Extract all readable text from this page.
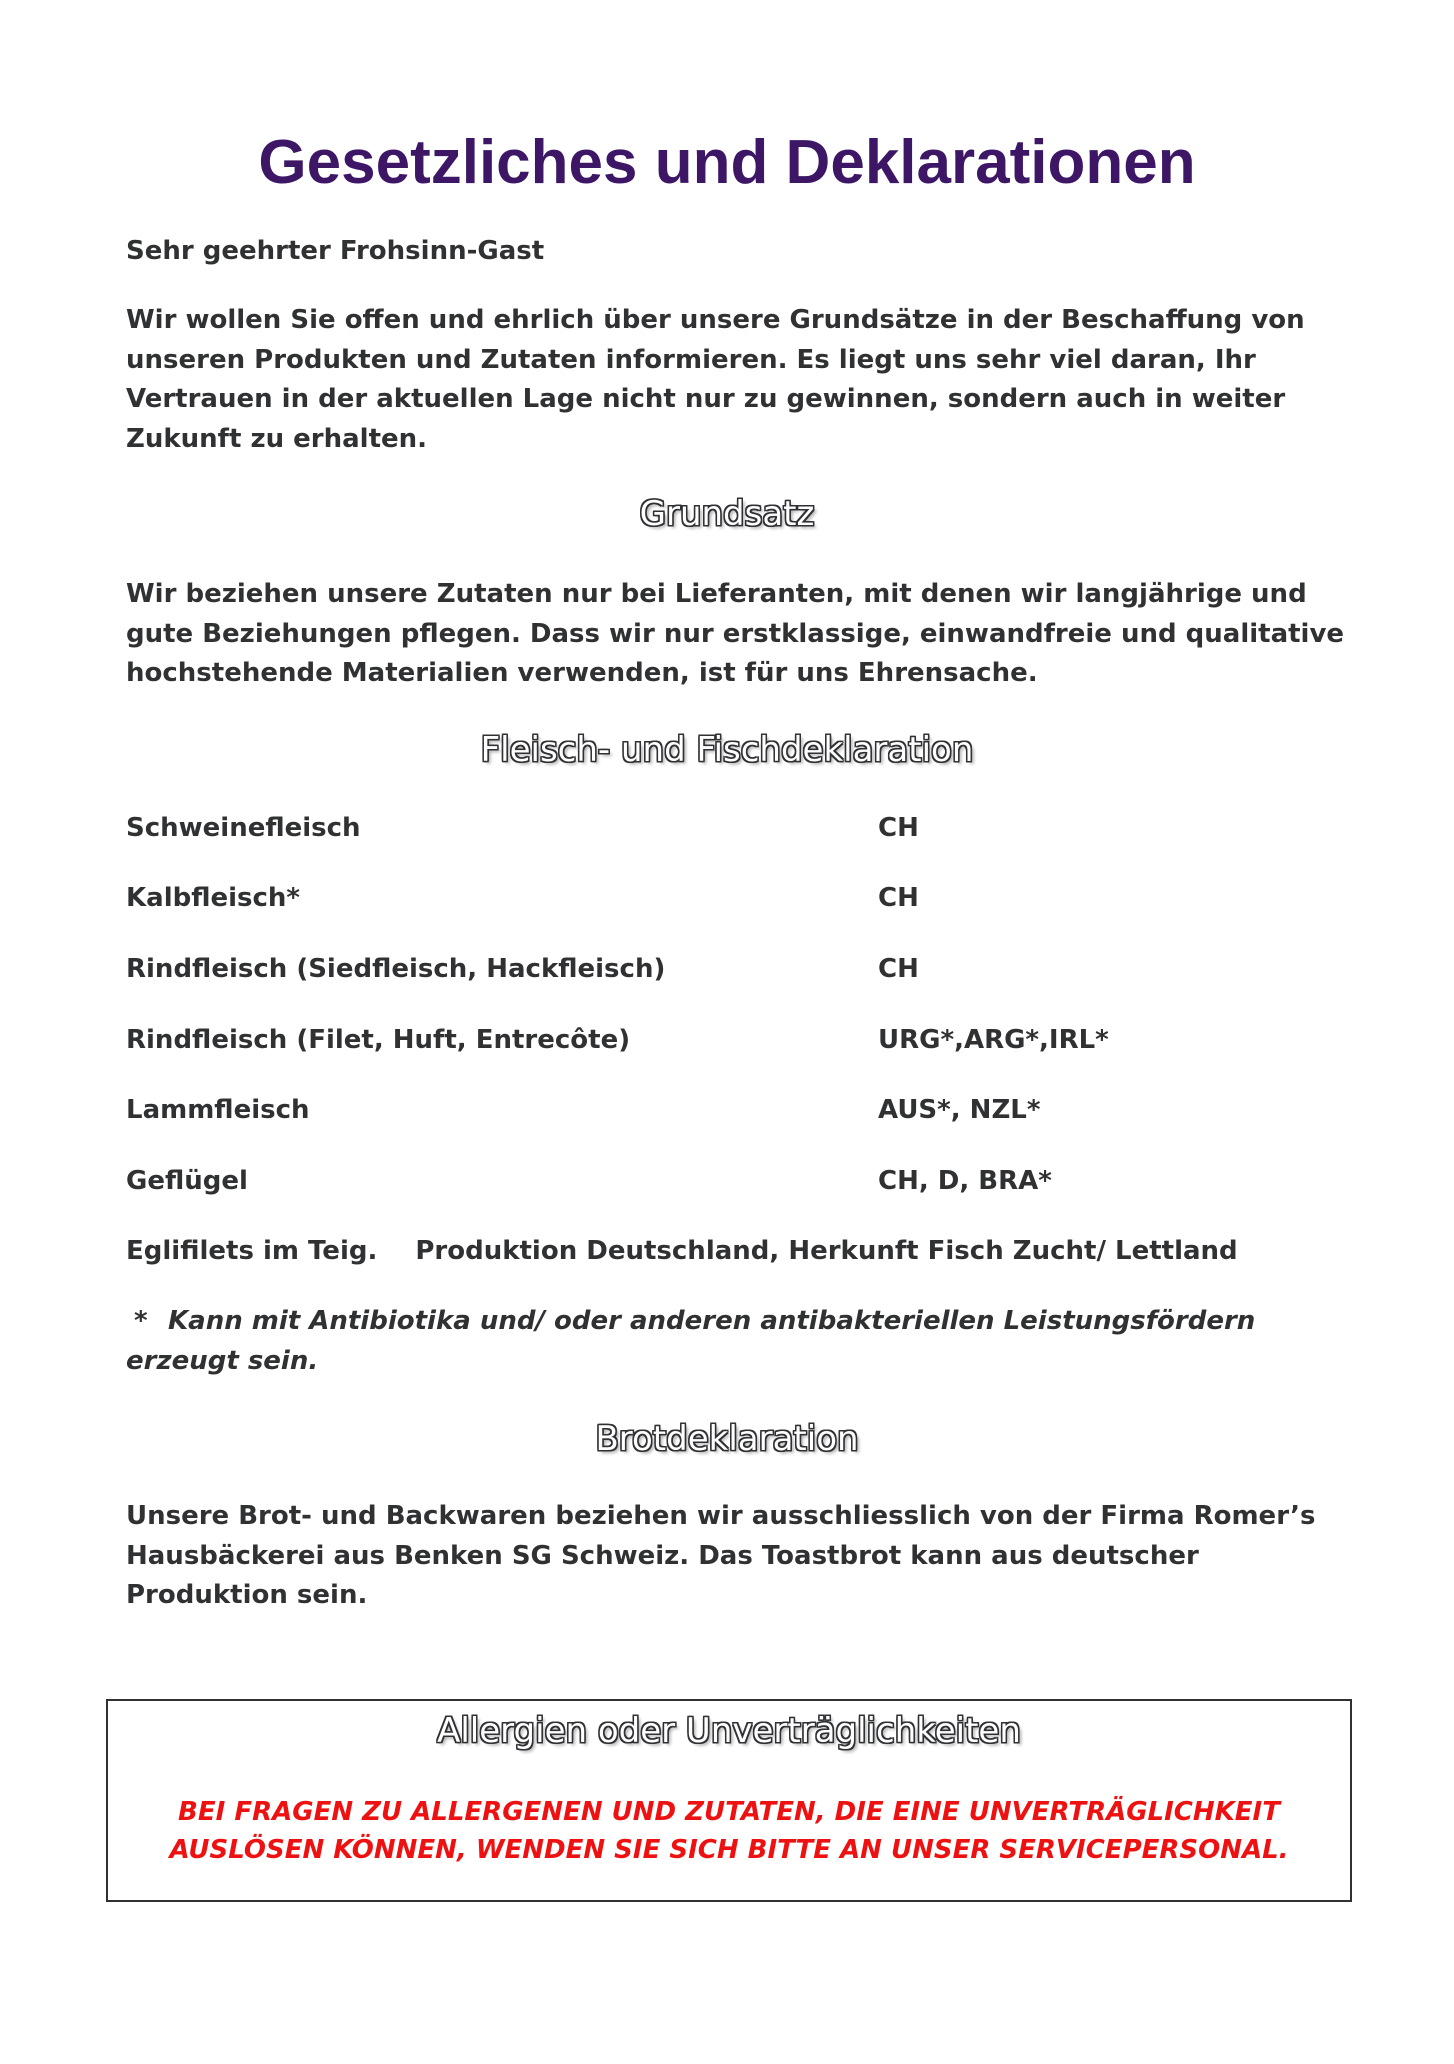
Gesetzliches und Deklarationen

Sehr geehrter Frohsinn-Gast

Wir wollen Sie offen und ehrlich über unsere Grundsätze in der Beschaffung von unseren Produkten und Zutaten informieren. Es liegt uns sehr viel daran, Ihr Vertrauen in der aktuellen Lage nicht nur zu gewinnen, sondern auch in weiter Zukunft zu erhalten.

Grundsatz

Wir beziehen unsere Zutaten nur bei Lieferanten, mit denen wir langjährige und gute Beziehungen pflegen. Dass wir nur erstklassige, einwandfreie und qualitative hochstehende Materialien verwenden, ist für uns Ehrensache.

Fleisch- und Fischdeklaration
Schweinefleisch	CH
Kalbfleisch*	CH
Rindfleisch (Siedfleisch, Hackfleisch)	CH
Rindfleisch (Filet, Huft, Entrecôte)	URG*,ARG*,IRL*
Lammfleisch	AUS*, NZL*
Geflügel	CH, D, BRA*
Eglifilets im Teig. Produktion Deutschland, Herkunft Fisch Zucht/ Lettland

* Kann mit Antibiotika und/ oder anderen antibakteriellen Leistungsfördern erzeugt sein.

Brotdeklaration

Unsere Brot- und Backwaren beziehen wir ausschliesslich von der Firma Romer’s Hausbäckerei aus Benken SG Schweiz. Das Toastbrot kann aus deutscher Produktion sein.

Allergien oder Unverträglichkeiten

BEI FRAGEN ZU ALLERGENEN UND ZUTATEN, DIE EINE UNVERTRÄGLICHKEIT AUSLÖSEN KÖNNEN, WENDEN SIE SICH BITTE AN UNSER SERVICEPERSONAL.
